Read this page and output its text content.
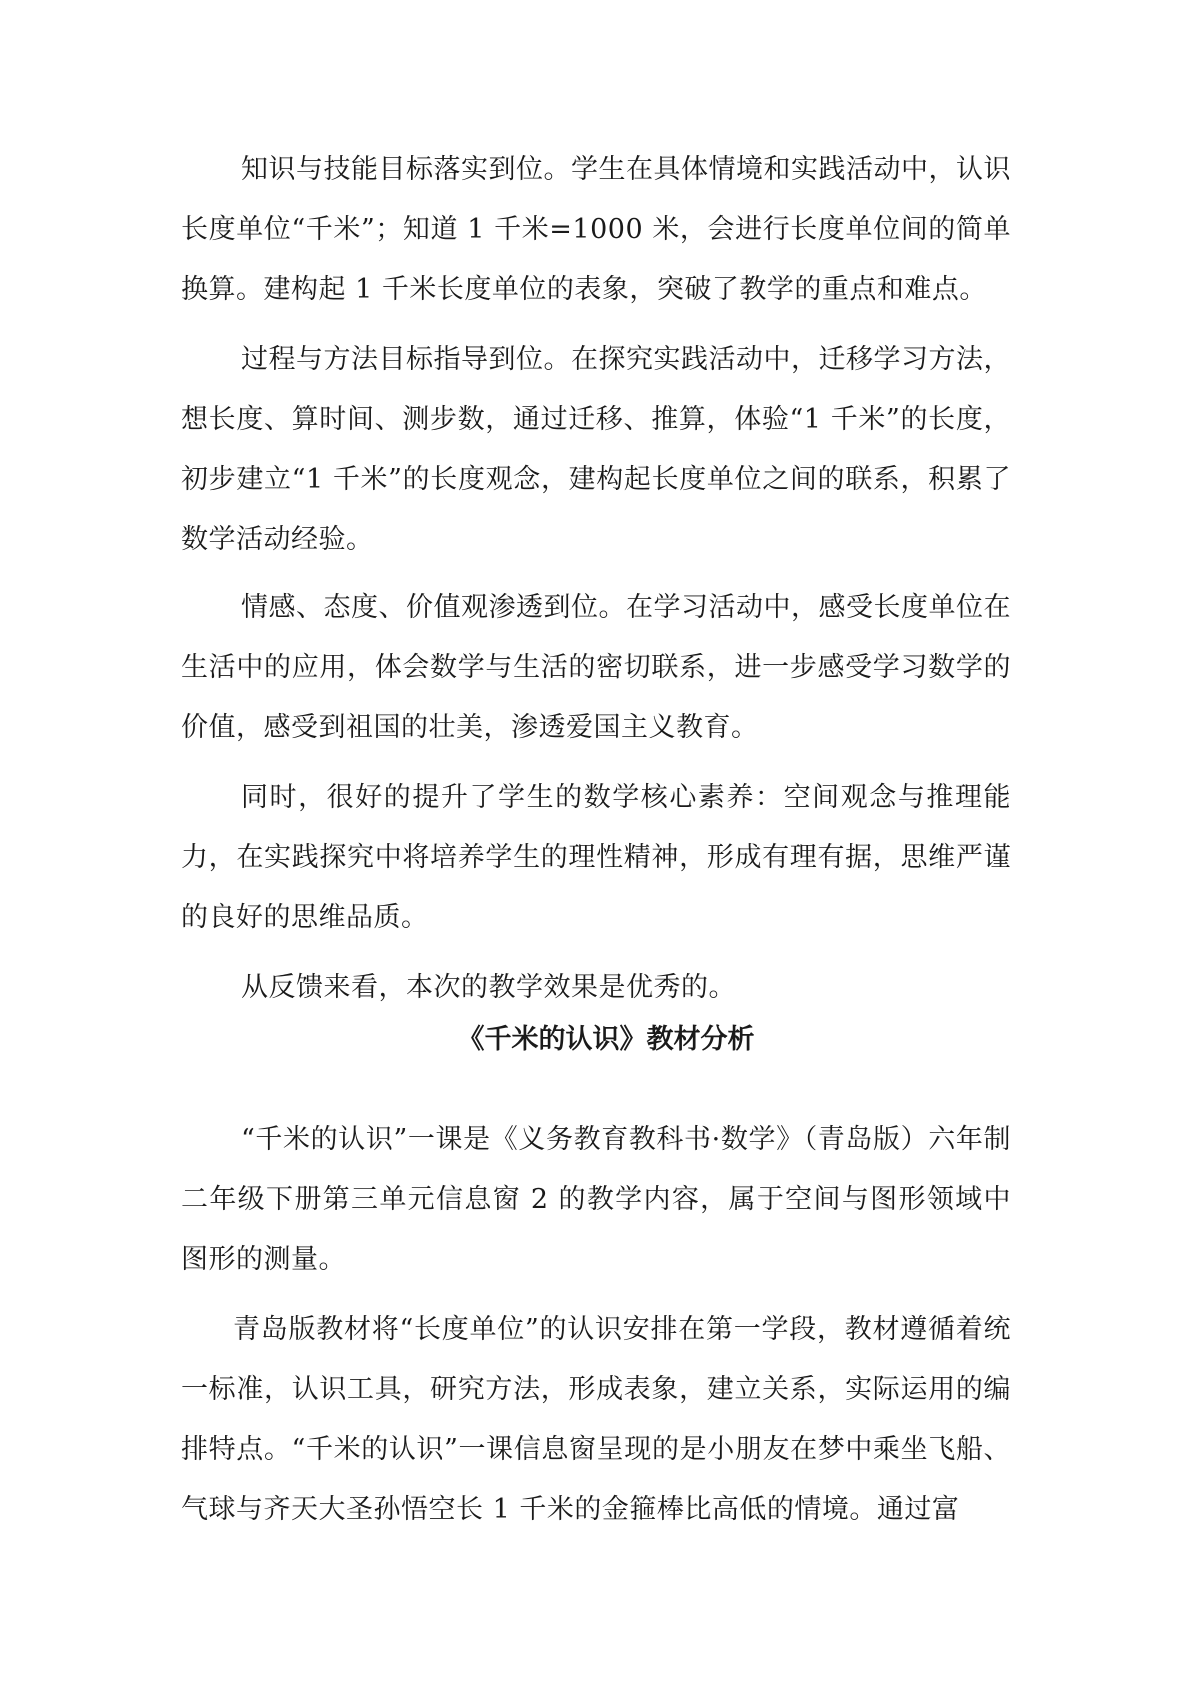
知识与技能目标落实到位。学生在具体情境和实践活动中，认识长度单位“千米”；知道 1 千米=1000 米，会进行长度单位间的简单换算。建构起 1 千米长度单位的表象，突破了教学的重点和难点。

过程与方法目标指导到位。在探究实践活动中，迁移学习方法，想长度、算时间、测步数，通过迁移、推算，体验“1 千米”的长度，初步建立“1 千米”的长度观念，建构起长度单位之间的联系，积累了数学活动经验。

情感、态度、价值观渗透到位。在学习活动中，感受长度单位在生活中的应用，体会数学与生活的密切联系，进一步感受学习数学的价值，感受到祖国的壮美，渗透爱国主义教育。

同时，很好的提升了学生的数学核心素养：空间观念与推理能力，在实践探究中将培养学生的理性精神，形成有理有据，思维严谨的良好的思维品质。

从反馈来看，本次的教学效果是优秀的。

《千米的认识》教材分析

“千米的认识”一课是《义务教育教科书·数学》（青岛版）六年制二年级下册第三单元信息窗 2 的教学内容，属于空间与图形领域中图形的测量。

青岛版教材将“长度单位”的认识安排在第一学段，教材遵循着统一标准，认识工具，研究方法，形成表象，建立关系，实际运用的编排特点。“千米的认识”一课信息窗呈现的是小朋友在梦中乘坐飞船、气球与齐天大圣孙悟空长 1 千米的金箍棒比高低的情境。通过富
